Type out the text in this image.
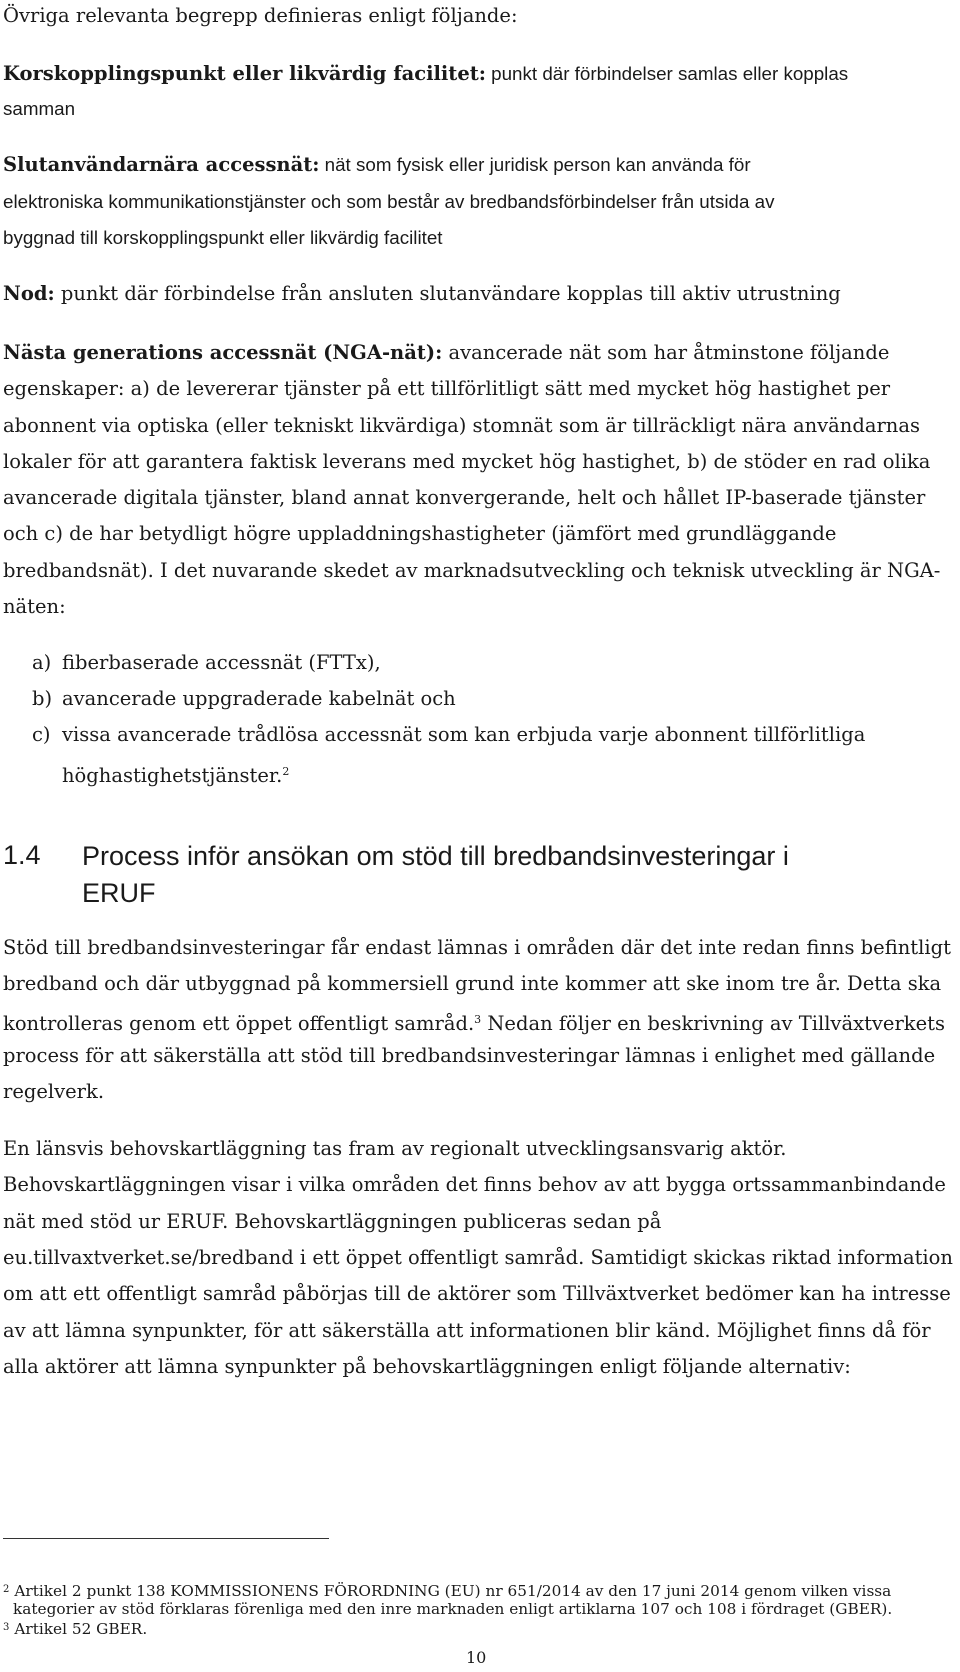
Övriga relevanta begrepp definieras enligt följande:
Korskopplingspunkt eller likvärdig facilitet: punkt där förbindelser samlas eller kopplas
samman
Slutanvändarnära accessnät: nät som fysisk eller juridisk person kan använda för
elektroniska kommunikationstjänster och som består av bredbandsförbindelser från utsida av
byggnad till korskopplingspunkt eller likvärdig facilitet
Nod: punkt där förbindelse från ansluten slutanvändare kopplas till aktiv utrustning
Nästa generations accessnät (NGA-nät): avancerade nät som har åtminstone följande
egenskaper: a) de levererar tjänster på ett tillförlitligt sätt med mycket hög hastighet per
abonnent via optiska (eller tekniskt likvärdiga) stomnät som är tillräckligt nära användarnas
lokaler för att garantera faktisk leverans med mycket hög hastighet, b) de stöder en rad olika
avancerade digitala tjänster, bland annat konvergerande, helt och hållet IP-baserade tjänster
och c) de har betydligt högre uppladdningshastigheter (jämfört med grundläggande
bredbandsnät). I det nuvarande skedet av marknadsutveckling och teknisk utveckling är NGA-
näten:
a) fiberbaserade accessnät (FTTx),
b) avancerade uppgraderade kabelnät och
c) vissa avancerade trådlösa accessnät som kan erbjuda varje abonnent tillförlitliga
höghastighetstjänster.$^2$
1.4 Process inför ansökan om stöd till bredbandsinvesteringar i
ERUF
Stöd till bredbandsinvesteringar får endast lämnas i områden där det inte redan finns befintligt
bredband och där utbyggnad på kommersiell grund inte kommer att ske inom tre år. Detta ska
kontrolleras genom ett öppet offentligt samråd.$^3$ Nedan följer en beskrivning av Tillväxtverkets
process för att säkerställa att stöd till bredbandsinvesteringar lämnas i enlighet med gällande
regelverk.
En länsvis behovskartläggning tas fram av regionalt utvecklingsansvarig aktör.
Behovskartläggningen visar i vilka områden det finns behov av att bygga ortssammanbindande
nät med stöd ur ERUF. Behovskartläggningen publiceras sedan på
eu.tillvaxtverket.se/bredband i ett öppet offentligt samråd. Samtidigt skickas riktad information
om att ett offentligt samråd påbörjas till de aktörer som Tillväxtverket bedömer kan ha intresse
av att lämna synpunkter, för att säkerställa att informationen blir känd. Möjlighet finns då för
alla aktörer att lämna synpunkter på behovskartläggningen enligt följande alternativ:
$^2$ Artikel 2 punkt 138 KOMMISSIONENS FÖRORDNING (EU) nr 651/2014 av den 17 juni 2014 genom vilken vissa
kategorier av stöd förklaras förenliga med den inre marknaden enligt artiklarna 107 och 108 i fördraget (GBER).
$^3$ Artikel 52 GBER.
10
